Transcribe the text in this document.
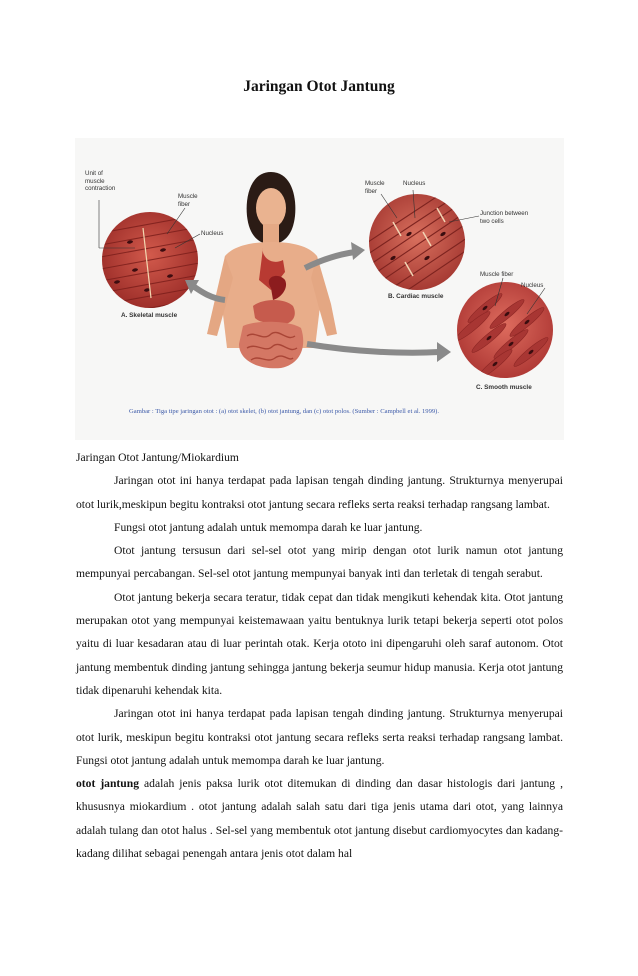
Jaringan Otot Jantung
Unit of
muscle
contraction
Muscle
fiber
Nucleus
A. Skeletal muscle
Muscle
fiber
Nucleus
Junction between
two cells
B. Cardiac muscle
Muscle fiber
Nucleus
C. Smooth muscle
Gambar : Tiga tipe jaringan otot : (a) otot skelet, (b) otot jantung, dan (c) otot polos. (Sumber : Campbell et al. 1999).

Jaringan Otot Jantung/Miokardium

Jaringan otot ini hanya terdapat pada lapisan tengah dinding jantung. Strukturnya menyerupai otot lurik,meskipun begitu kontraksi otot jantung secara refleks serta reaksi terhadap rangsang lambat.

Fungsi otot jantung adalah untuk memompa darah ke luar jantung.

Otot jantung tersusun dari sel-sel otot yang mirip dengan otot lurik namun otot jantung mempunyai percabangan. Sel-sel otot jantung mempunyai banyak inti dan terletak di tengah serabut.

Otot jantung bekerja secara teratur, tidak cepat dan tidak mengikuti kehendak kita. Otot jantung merupakan otot yang mempunyai keistemawaan yaitu bentuknya lurik tetapi bekerja seperti otot polos yaitu di luar kesadaran atau di luar perintah otak. Kerja ototo ini dipengaruhi oleh saraf autonom. Otot jantung membentuk dinding jantung sehingga jantung bekerja seumur hidup manusia. Kerja otot jantung tidak dipenaruhi kehendak kita.

Jaringan otot ini hanya terdapat pada lapisan tengah dinding jantung. Strukturnya menyerupai otot lurik, meskipun begitu kontraksi otot jantung secara refleks serta reaksi terhadap rangsang lambat. Fungsi otot jantung adalah untuk memompa darah ke luar jantung.

otot jantung adalah jenis paksa lurik otot ditemukan di dinding dan dasar histologis dari jantung , khususnya miokardium . otot jantung adalah salah satu dari tiga jenis utama dari otot, yang lainnya adalah tulang dan otot halus . Sel-sel yang membentuk otot jantung disebut cardiomyocytes dan kadang-kadang dilihat sebagai penengah antara jenis otot dalam hal
